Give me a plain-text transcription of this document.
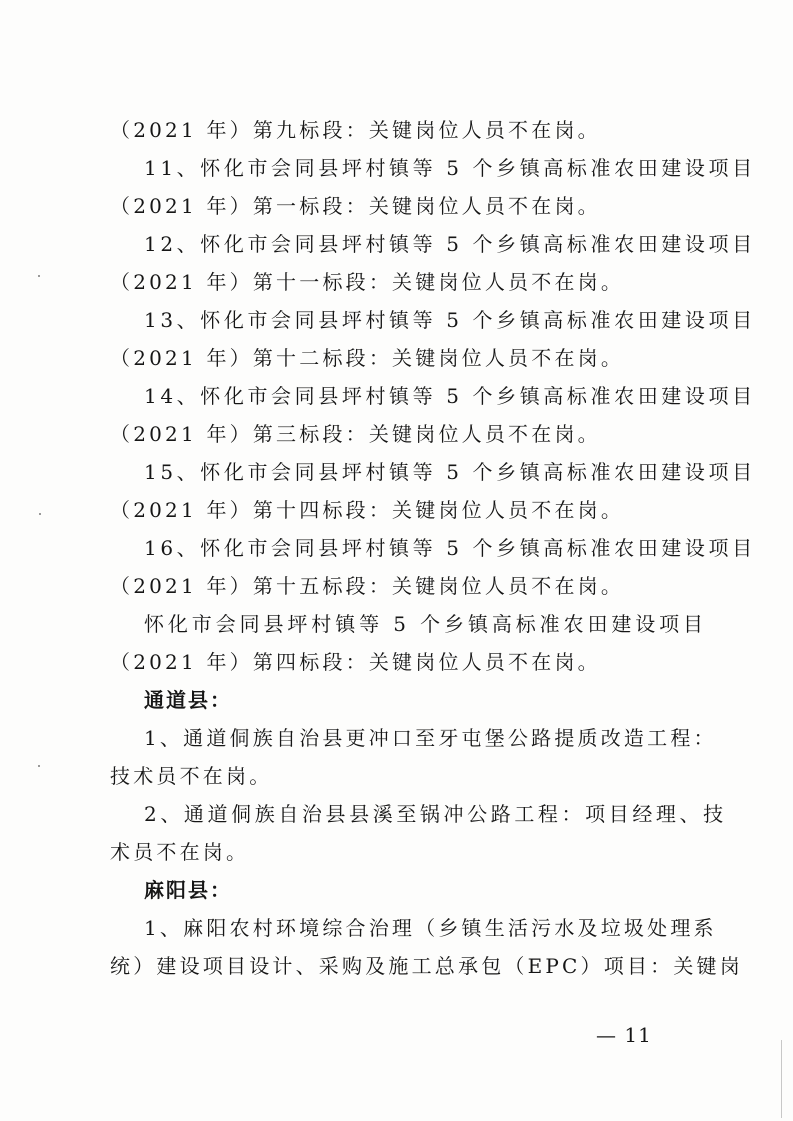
（2021 年）第九标段：关键岗位人员不在岗。
11、怀化市会同县坪村镇等 5 个乡镇高标准农田建设项目
（2021 年）第一标段：关键岗位人员不在岗。
12、怀化市会同县坪村镇等 5 个乡镇高标准农田建设项目
（2021 年）第十一标段：关键岗位人员不在岗。
13、怀化市会同县坪村镇等 5 个乡镇高标准农田建设项目
（2021 年）第十二标段：关键岗位人员不在岗。
14、怀化市会同县坪村镇等 5 个乡镇高标准农田建设项目
（2021 年）第三标段：关键岗位人员不在岗。
15、怀化市会同县坪村镇等 5 个乡镇高标准农田建设项目
（2021 年）第十四标段：关键岗位人员不在岗。
16、怀化市会同县坪村镇等 5 个乡镇高标准农田建设项目
（2021 年）第十五标段：关键岗位人员不在岗。
怀化市会同县坪村镇等 5 个乡镇高标准农田建设项目
（2021 年）第四标段：关键岗位人员不在岗。
通道县：
1、通道侗族自治县更冲口至牙屯堡公路提质改造工程：
技术员不在岗。
2、通道侗族自治县县溪至锅冲公路工程：项目经理、技
术员不在岗。
麻阳县：
1、麻阳农村环境综合治理（乡镇生活污水及垃圾处理系
统）建设项目设计、采购及施工总承包（EPC）项目：关键岗
— 11
